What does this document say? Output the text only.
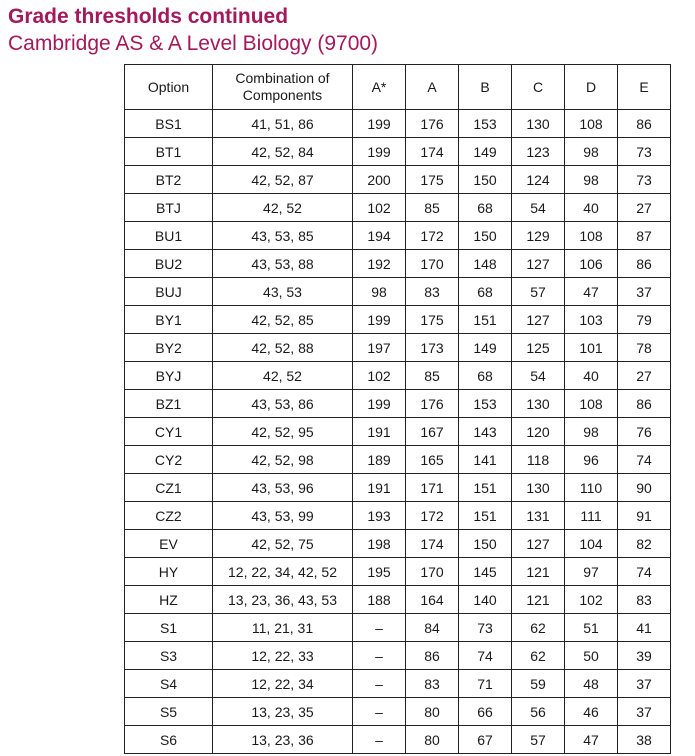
Grade thresholds continued
Cambridge AS & A Level Biology (9700)
Option	Combination of Components	A*	A	B	C	D	E
BS1	41, 51, 86	199	176	153	130	108	86
BT1	42, 52, 84	199	174	149	123	98	73
BT2	42, 52, 87	200	175	150	124	98	73
BTJ	42, 52	102	85	68	54	40	27
BU1	43, 53, 85	194	172	150	129	108	87
BU2	43, 53, 88	192	170	148	127	106	86
BUJ	43, 53	98	83	68	57	47	37
BY1	42, 52, 85	199	175	151	127	103	79
BY2	42, 52, 88	197	173	149	125	101	78
BYJ	42, 52	102	85	68	54	40	27
BZ1	43, 53, 86	199	176	153	130	108	86
CY1	42, 52, 95	191	167	143	120	98	76
CY2	42, 52, 98	189	165	141	118	96	74
CZ1	43, 53, 96	191	171	151	130	110	90
CZ2	43, 53, 99	193	172	151	131	111	91
EV	42, 52, 75	198	174	150	127	104	82
HY	12, 22, 34, 42, 52	195	170	145	121	97	74
HZ	13, 23, 36, 43, 53	188	164	140	121	102	83
S1	11, 21, 31	–	84	73	62	51	41
S3	12, 22, 33	–	86	74	62	50	39
S4	12, 22, 34	–	83	71	59	48	37
S5	13, 23, 35	–	80	66	56	46	37
S6	13, 23, 36	–	80	67	57	47	38
